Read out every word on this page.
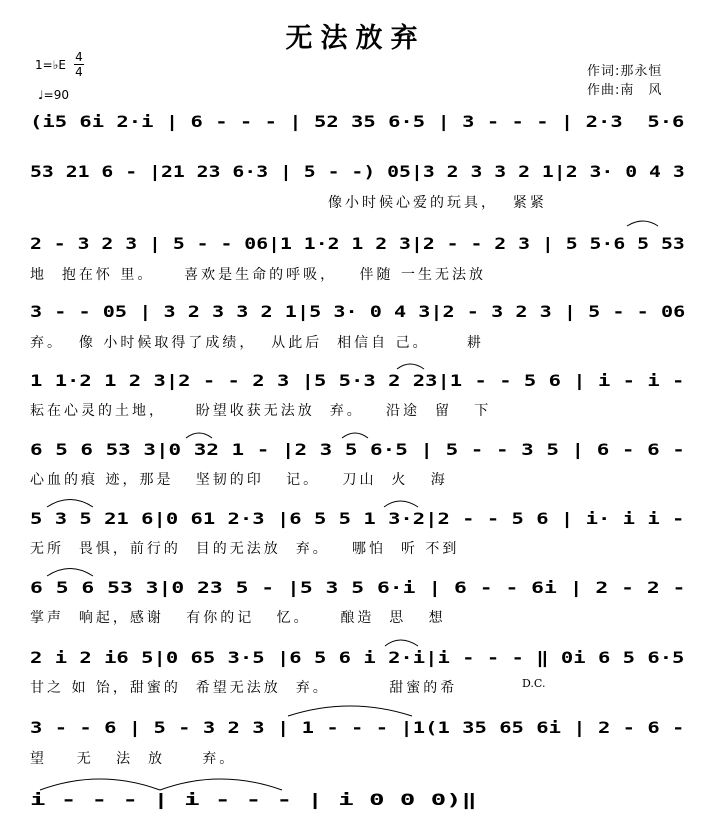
无法放弃
1=♭E
4
4
♩=90
作词:那永恒
作曲:南　风
(i5 6i 2·i | 6 - - - | 52 35 6·5 | 3 - - - | 2·3  5·6
53 21 6 - |21 23 6·3 | 5 - -) 05|3 2 3 3 2 1|2 3· 0 4 3
像小时候心爱的玩具，  紧紧
2 - 3 2 3 | 5 - - 06|1 1·2 1 2 3|2 - - 2 3 | 5 5·6 5 53
地  抱在怀 里。    喜欢是生命的呼吸，   伴随 一生无法放
3 - - 05 | 3 2 3 3 2 1|5 3· 0 4 3|2 - 3 2 3 | 5 - - 06
弃。  像 小时候取得了成绩，  从此后  相信自 己。     耕
1 1·2 1 2 3|2 - - 2 3 |5 5·3 2 23|1 - - 5 6 | i - i -
耘在心灵的土地，    盼望收获无法放  弃。   沿途  留   下
6 5 6 53 3|0 32 1 - |2 3 5 6·5 | 5 - - 3 5 | 6 - 6 -
心血的痕 迹，那是   坚韧的印   记。   刀山  火   海
5 3 5 21 6|0 61 2·3 |6 5 5 1 3·2|2 - - 5 6 | i· i i -
无所  畏惧，前行的  目的无法放  弃。   哪怕  听 不到
6 5 6 53 3|0 23 5 - |5 3 5 6·i | 6 - - 6i | 2 - 2 -
掌声  响起，感谢   有你的记   忆。    酿造  思   想
2 i 2 i6 5|0 65 3·5 |6 5 6 i 2·i|i - - - ‖ 0i 6 5 6·5
甘之 如 饴，甜蜜的  希望无法放  弃。        甜蜜的希	D.C.
3 - - 6 | 5 - 3 2 3 | 1 - - - |1(1 35 65 6i | 2 - 6 -
望    无   法  放     弃。
i - - - | i - - - | i 0 0 0)‖
